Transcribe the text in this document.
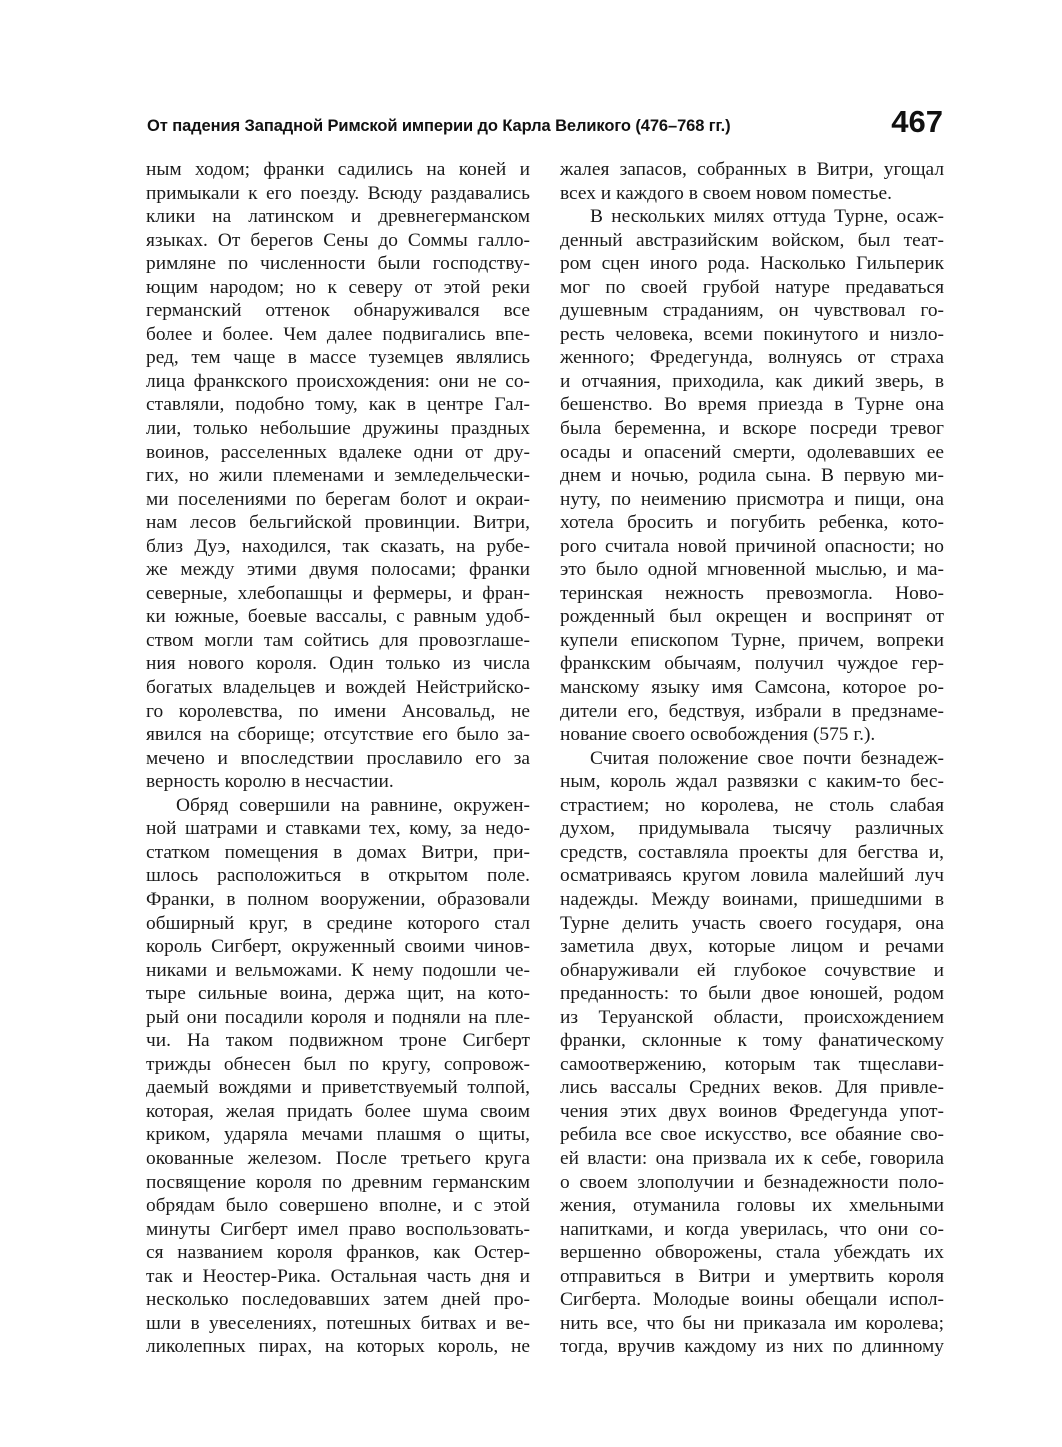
От падения Западной Римской империи до Карла Великого (476–768 гг.)	467
ным ходом; франки садились на коней и
примыкали к его поезду. Всюду раздавались
клики на латинском и древнегерманском
языках. От берегов Сены до Соммы галло-
римляне по численности были господству-
ющим народом; но к северу от этой реки
германский оттенок обнаруживался все
более и более. Чем далее подвигались впе-
ред, тем чаще в массе туземцев являлись
лица франкского происхождения: они не со-
ставляли, подобно тому, как в центре Гал-
лии, только небольшие дружины праздных
воинов, расселенных вдалеке одни от дру-
гих, но жили племенами и земледельчески-
ми поселениями по берегам болот и окраи-
нам лесов бельгийской провинции. Витри,
близ Дуэ, находился, так сказать, на рубе-
же между этими двумя полосами; франки
северные, хлебопашцы и фермеры, и фран-
ки южные, боевые вассалы, с равным удоб-
ством могли там сойтись для провозглаше-
ния нового короля. Один только из числа
богатых владельцев и вождей Нейстрийско-
го королевства, по имени Ансовальд, не
явился на сборище; отсутствие его было за-
мечено и впоследствии прославило его за
верность королю в несчастии.
Обряд совершили на равнине, окружен-
ной шатрами и ставками тех, кому, за недо-
статком помещения в домах Витри, при-
шлось расположиться в открытом поле.
Франки, в полном вооружении, образовали
обширный круг, в средине которого стал
король Сигберт, окруженный своими чинов-
никами и вельможами. К нему подошли че-
тыре сильные воина, держа щит, на кото-
рый они посадили короля и подняли на пле-
чи. На таком подвижном троне Сигберт
трижды обнесен был по кругу, сопровож-
даемый вождями и приветствуемый толпой,
которая, желая придать более шума своим
криком, ударяла мечами плашмя о щиты,
окованные железом. После третьего круга
посвящение короля по древним германским
обрядам было совершено вполне, и с этой
минуты Сигберт имел право воспользовать-
ся названием короля франков, как Остер-
так и Неостер-Рика. Остальная часть дня и
несколько последовавших затем дней про-
шли в увеселениях, потешных битвах и ве-
ликолепных пирах, на которых король, не
жалея запасов, собранных в Витри, угощал
всех и каждого в своем новом поместье.
В нескольких милях оттуда Турне, осаж-
денный австразийским войском, был теат-
ром сцен иного рода. Насколько Гильперик
мог по своей грубой натуре предаваться
душевным страданиям, он чувствовал го-
ресть человека, всеми покинутого и низло-
женного; Фредегунда, волнуясь от страха
и отчаяния, приходила, как дикий зверь, в
бешенство. Во время приезда в Турне она
была беременна, и вскоре посреди тревог
осады и опасений смерти, одолевавших ее
днем и ночью, родила сына. В первую ми-
нуту, по неимению присмотра и пищи, она
хотела бросить и погубить ребенка, кото-
рого считала новой причиной опасности; но
это было одной мгновенной мыслью, и ма-
теринская нежность превозмогла. Ново-
рожденный был окрещен и воспринят от
купели епископом Турне, причем, вопреки
франкским обычаям, получил чуждое гер-
манскому языку имя Самсона, которое ро-
дители его, бедствуя, избрали в предзнаме-
нование своего освобождения (575 г.).
Считая положение свое почти безнадеж-
ным, король ждал развязки с каким-то бес-
страстием; но королева, не столь слабая
духом, придумывала тысячу различных
средств, составляла проекты для бегства и,
осматриваясь кругом ловила малейший луч
надежды. Между воинами, пришедшими в
Турне делить участь своего государя, она
заметила двух, которые лицом и речами
обнаруживали ей глубокое сочувствие и
преданность: то были двое юношей, родом
из Теруанской области, происхождением
франки, склонные к тому фанатическому
самоотвержению, которым так тщеслави-
лись вассалы Средних веков. Для привле-
чения этих двух воинов Фредегунда упот-
ребила все свое искусство, все обаяние сво-
ей власти: она призвала их к себе, говорила
о своем злополучии и безнадежности поло-
жения, отуманила головы их хмельными
напитками, и когда уверилась, что они со-
вершенно обворожены, стала убеждать их
отправиться в Витри и умертвить короля
Сигберта. Молодые воины обещали испол-
нить все, что бы ни приказала им королева;
тогда, вручив каждому из них по длинному
